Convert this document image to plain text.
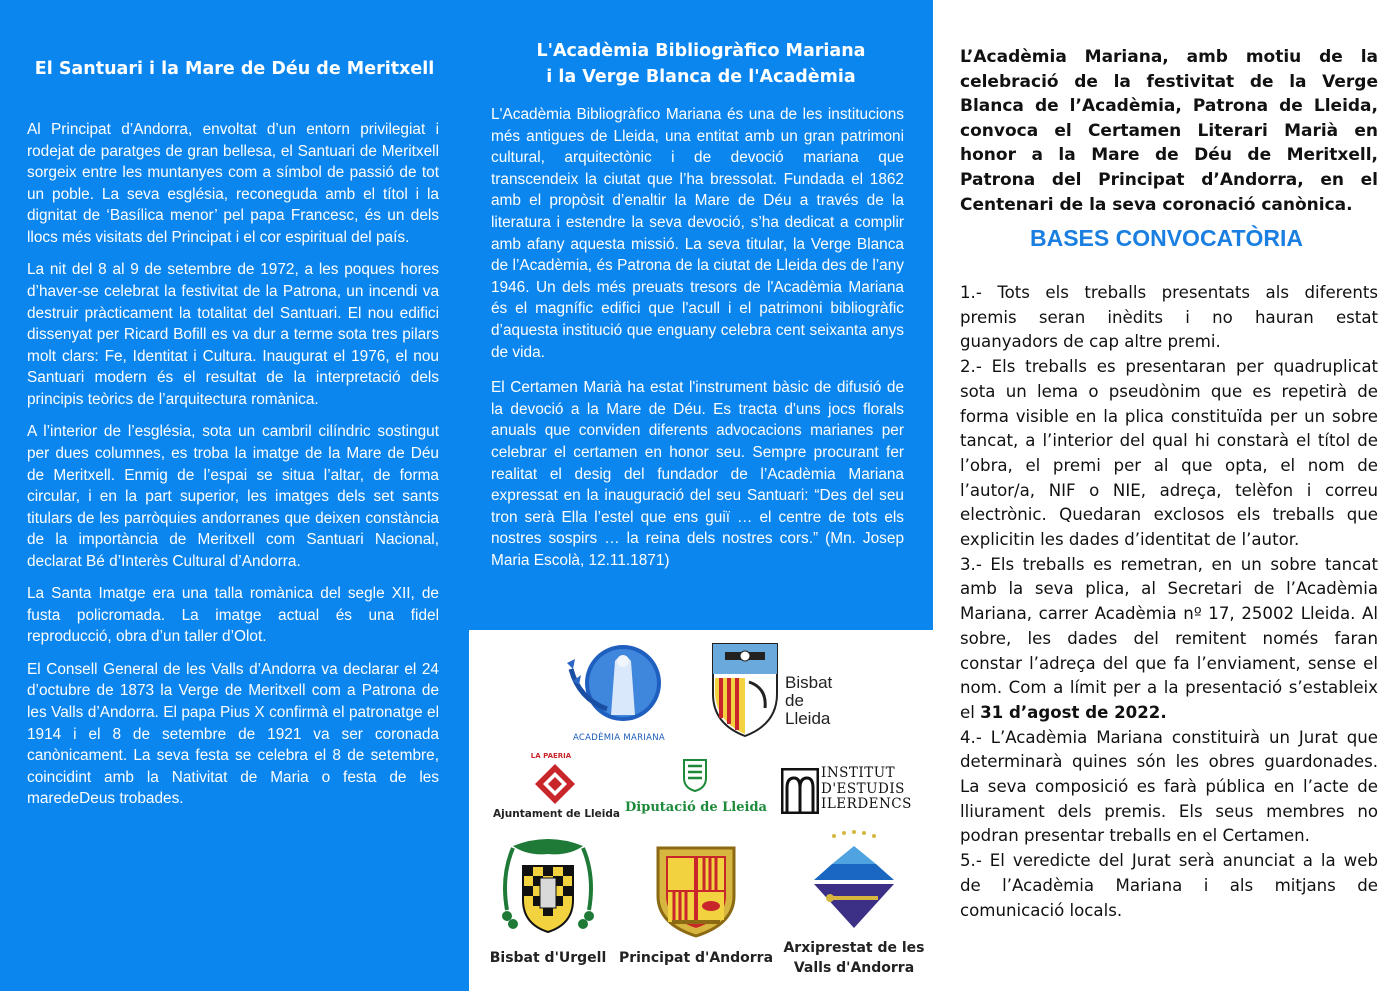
El Santuari i la Mare de Déu de Meritxell

Al Principat d’Andorra, envoltat d’un entorn privilegiat i rodejat de paratges de gran bellesa, el Santuari de Meritxell sorgeix entre les muntanyes com a símbol de passió de tot un poble. La seva església, reconeguda amb el títol i la dignitat de ‘Basílica menor’ pel papa Francesc, és un dels llocs més visitats del Principat i el cor espiritual del país.

La nit del 8 al 9 de setembre de 1972, a les poques hores d’haver-se celebrat la festivitat de la Patrona, un incendi va destruir pràcticament la totalitat del Santuari. El nou edifici dissenyat per Ricard Bofill es va dur a terme sota tres pilars molt clars: Fe, Identitat i Cultura. Inaugurat el 1976, el nou Santuari modern és el resultat de la interpretació dels principis teòrics de l’arquitectura romànica.

A l’interior de l’església, sota un cambril cilíndric sostingut per dues columnes, es troba la imatge de la Mare de Déu de Meritxell. Enmig de l’espai se situa l’altar, de forma circular, i en la part superior, les imatges dels set sants titulars de les parròquies andorranes que deixen constància de la importància de Meritxell com Santuari Nacional, declarat Bé d’Interès Cultural d’Andorra.

La Santa Imatge era una talla romànica del segle XII, de fusta policromada. La imatge actual és una fidel reproducció, obra d’un taller d’Olot.

El Consell General de les Valls d’Andorra va declarar el 24 d’octubre de 1873 la Verge de Meritxell com a Patrona de les Valls d’Andorra. El papa Pius X confirmà el patronatge el 1914 i el 8 de setembre de 1921 va ser coronada canònicament. La seva festa se celebra el 8 de setembre, coincidint amb la Nativitat de Maria o festa de les maredeDeus trobades.

L'Acadèmia Bibliogràfico Mariana
i la Verge Blanca de l'Acadèmia

L'Acadèmia Bibliogràfico Mariana és una de les institucions més antigues de Lleida, una entitat amb un gran patrimoni cultural, arquitectònic i de devoció mariana que transcendeix la ciutat que l’ha bressolat. Fundada el 1862 amb el propòsit d’enaltir la Mare de Déu a través de la literatura i estendre la seva devoció, s’ha dedicat a complir amb afany aquesta missió. La seva titular, la Verge Blanca de l’Acadèmia, és Patrona de la ciutat de Lleida des de l’any 1946. Un dels més preuats tresors de l'Acadèmia Mariana és el magnífic edifici que l'acull i el patrimoni bibliogràfic d’aquesta institució que enguany celebra cent seixanta anys de vida.

El Certamen Marià ha estat l'instrument bàsic de difusió de la devoció a la Mare de Déu. Es tracta d'uns jocs florals anuals que conviden diferents advocacions marianes per celebrar el certamen en honor seu. Sempre procurant fer realitat el desig del fundador de l’Acadèmia Mariana expressat en la inauguració del seu Santuari: “Des del seu tron serà Ella l’estel que ens guiï … el centre de tots els nostres sospirs … la reina dels nostres cors.” (Mn. Josep Maria Escolà, 12.11.1871)

ACADÈMIA MARIANA
Bisbat
de
Lleida
LA PAERIA
Ajuntament de Lleida Diputació de Lleida
INSTITUT
D'ESTUDIS
ILERDENCS
Bisbat d'Urgell Principat d'Andorra
Arxiprestat de les
Valls d'Andorra

L’Acadèmia Mariana, amb motiu de la celebració de la festivitat de la Verge Blanca de l’Acadèmia, Patrona de Lleida, convoca el Certamen Literari Marià en honor a la Mare de Déu de Meritxell, Patrona del Principat d’Andorra, en el Centenari de la seva coronació canònica.

BASES CONVOCATÒRIA

1.- Tots els treballs presentats als diferents premis seran inèdits i no hauran estat guanyadors de cap altre premi.

2.- Els treballs es presentaran per quadruplicat sota un lema o pseudònim que es repetirà de forma visible en la plica constituïda per un sobre tancat, a l’interior del qual hi constarà el títol de l’obra, el premi per al que opta, el nom de l’autor/a, NIF o NIE, adreça, telèfon i correu electrònic. Quedaran exclosos els treballs que explicitin les dades d’identitat de l’autor.

3.- Els treballs es remetran, en un sobre tancat amb la seva plica, al Secretari de l’Acadèmia Mariana, carrer Acadèmia nº 17, 25002 Lleida. Al sobre, les dades del remitent només faran constar l’adreça del que fa l’enviament, sense el nom. Com a límit per a la presentació s’estableix el 31 d’agost de 2022.

4.- L’Acadèmia Mariana constituirà un Jurat que determinarà quines són les obres guardonades. La seva composició es farà pública en l’acte de lliurament dels premis. Els seus membres no podran presentar treballs en el Certamen.

5.- El veredicte del Jurat serà anunciat a la web de l’Acadèmia Mariana i als mitjans de comunicació locals.
